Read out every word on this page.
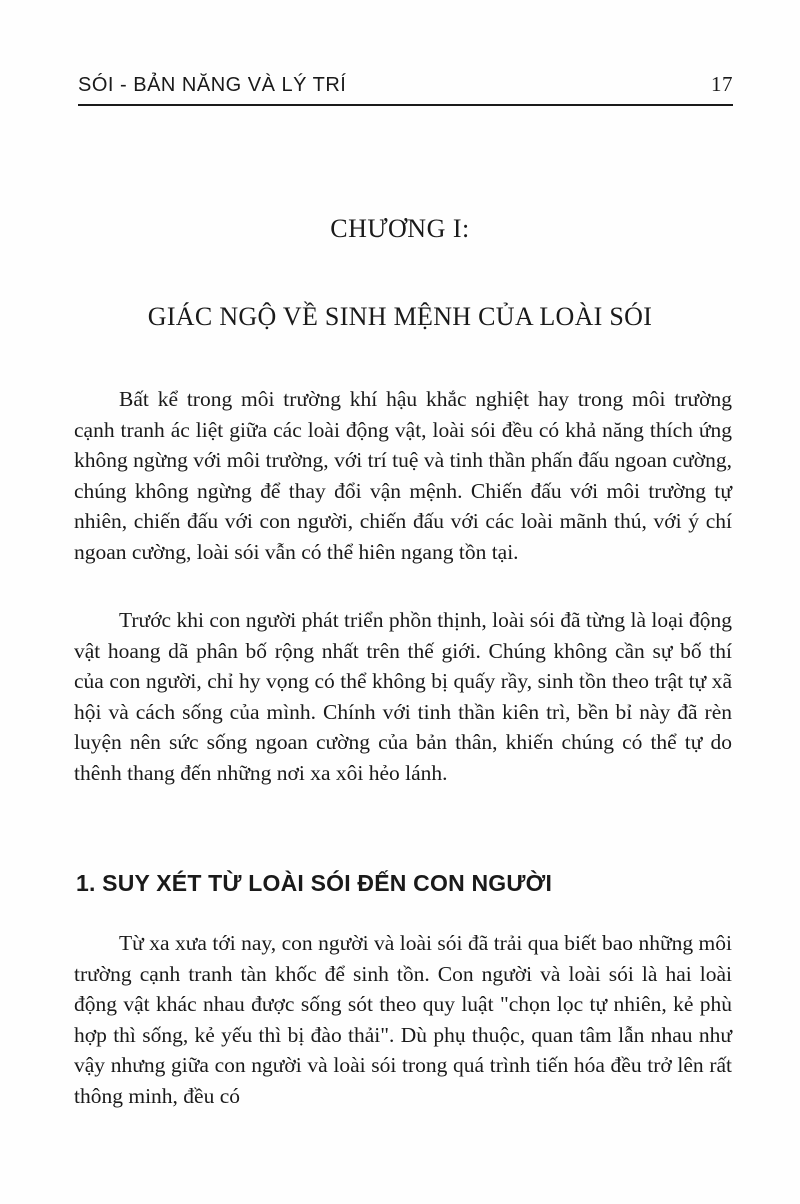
SÓI - BẢN NĂNG VÀ LÝ TRÍ	17
CHƯƠNG I:
GIÁC NGỘ VỀ SINH MỆNH CỦA LOÀI SÓI

Bất kể trong môi trường khí hậu khắc nghiệt hay trong môi trường cạnh tranh ác liệt giữa các loài động vật, loài sói đều có khả năng thích ứng không ngừng với môi trường, với trí tuệ và tinh thần phấn đấu ngoan cường, chúng không ngừng để thay đổi vận mệnh. Chiến đấu với môi trường tự nhiên, chiến đấu với con người, chiến đấu với các loài mãnh thú, với ý chí ngoan cường, loài sói vẫn có thể hiên ngang tồn tại.

Trước khi con người phát triển phồn thịnh, loài sói đã từng là loại động vật hoang dã phân bố rộng nhất trên thế giới. Chúng không cần sự bố thí của con người, chỉ hy vọng có thể không bị quấy rầy, sinh tồn theo trật tự xã hội và cách sống của mình. Chính với tinh thần kiên trì, bền bỉ này đã rèn luyện nên sức sống ngoan cường của bản thân, khiến chúng có thể tự do thênh thang đến những nơi xa xôi hẻo lánh.

1. SUY XÉT TỪ LOÀI SÓI ĐẾN CON NGƯỜI

Từ xa xưa tới nay, con người và loài sói đã trải qua biết bao những môi trường cạnh tranh tàn khốc để sinh tồn. Con người và loài sói là hai loài động vật khác nhau được sống sót theo quy luật "chọn lọc tự nhiên, kẻ phù hợp thì sống, kẻ yếu thì bị đào thải". Dù phụ thuộc, quan tâm lẫn nhau như vậy nhưng giữa con người và loài sói trong quá trình tiến hóa đều trở lên rất thông minh, đều có
